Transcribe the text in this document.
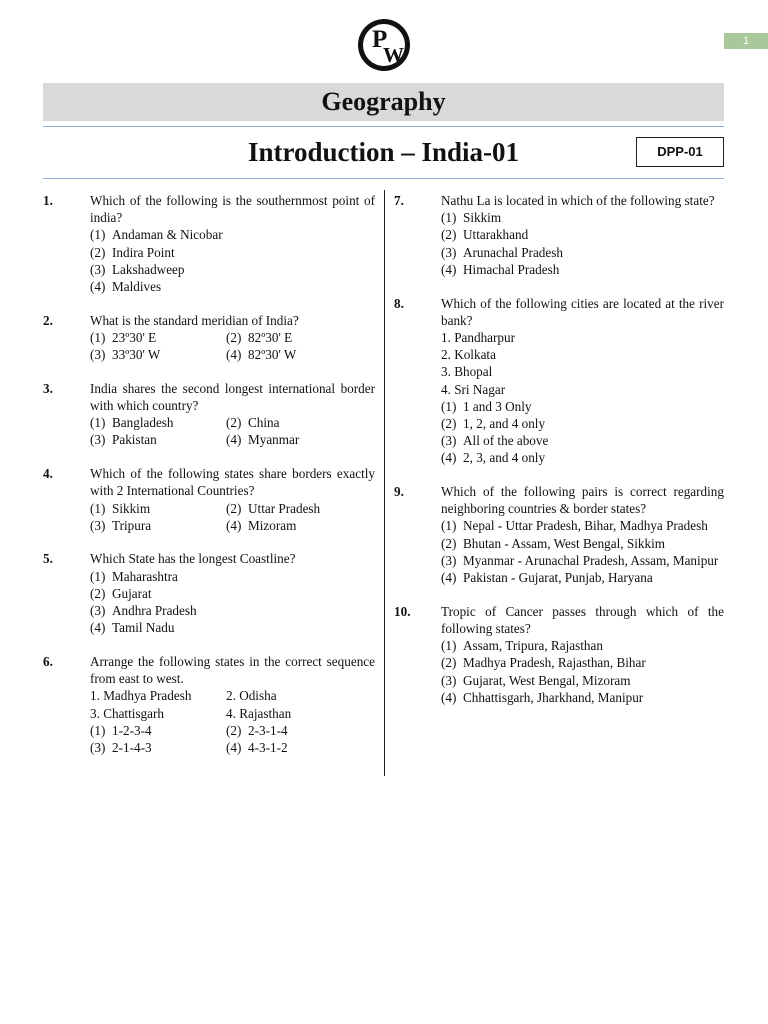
P
W
1
Geography
Introduction – India-01	DPP-01
1.	Which of the following is the southernmost point of india?
(1) Andaman & Nicobar
(2) Indira Point
(3) Lakshadweep
(4) Maldives
2.	What is the standard meridian of India?
(1) 23º30' E	(2) 82º30' E
(3) 33º30' W	(4) 82º30' W
3.	India shares the second longest international border with which country?
(1) Bangladesh	(2) China
(3) Pakistan	(4) Myanmar
4.	Which of the following states share borders exactly with 2 International Countries?
(1) Sikkim	(2) Uttar Pradesh
(3) Tripura	(4) Mizoram
5.	Which State has the longest Coastline?
(1) Maharashtra
(2) Gujarat
(3) Andhra Pradesh
(4) Tamil Nadu
6.	Arrange the following states in the correct sequence from east to west.
1. Madhya Pradesh	2. Odisha
3. Chattisgarh	4. Rajasthan
(1) 1-2-3-4	(2) 2-3-1-4
(3) 2-1-4-3	(4) 4-3-1-2
7.	Nathu La is located in which of the following state?
(1) Sikkim
(2) Uttarakhand
(3) Arunachal Pradesh
(4) Himachal Pradesh
8.	Which of the following cities are located at the river bank?
1. Pandharpur
2. Kolkata
3. Bhopal
4. Sri Nagar
(1) 1 and 3 Only
(2) 1, 2, and 4 only
(3) All of the above
(4) 2, 3, and 4 only
9.	Which of the following pairs is correct regarding neighboring countries & border states?
(1) Nepal - Uttar Pradesh, Bihar, Madhya Pradesh
(2) Bhutan - Assam, West Bengal, Sikkim
(3) Myanmar - Arunachal Pradesh, Assam, Manipur
(4) Pakistan - Gujarat, Punjab, Haryana
10. Tropic of Cancer passes through which of the following states?
(1) Assam, Tripura, Rajasthan
(2) Madhya Pradesh, Rajasthan, Bihar
(3) Gujarat, West Bengal, Mizoram
(4) Chhattisgarh, Jharkhand, Manipur
